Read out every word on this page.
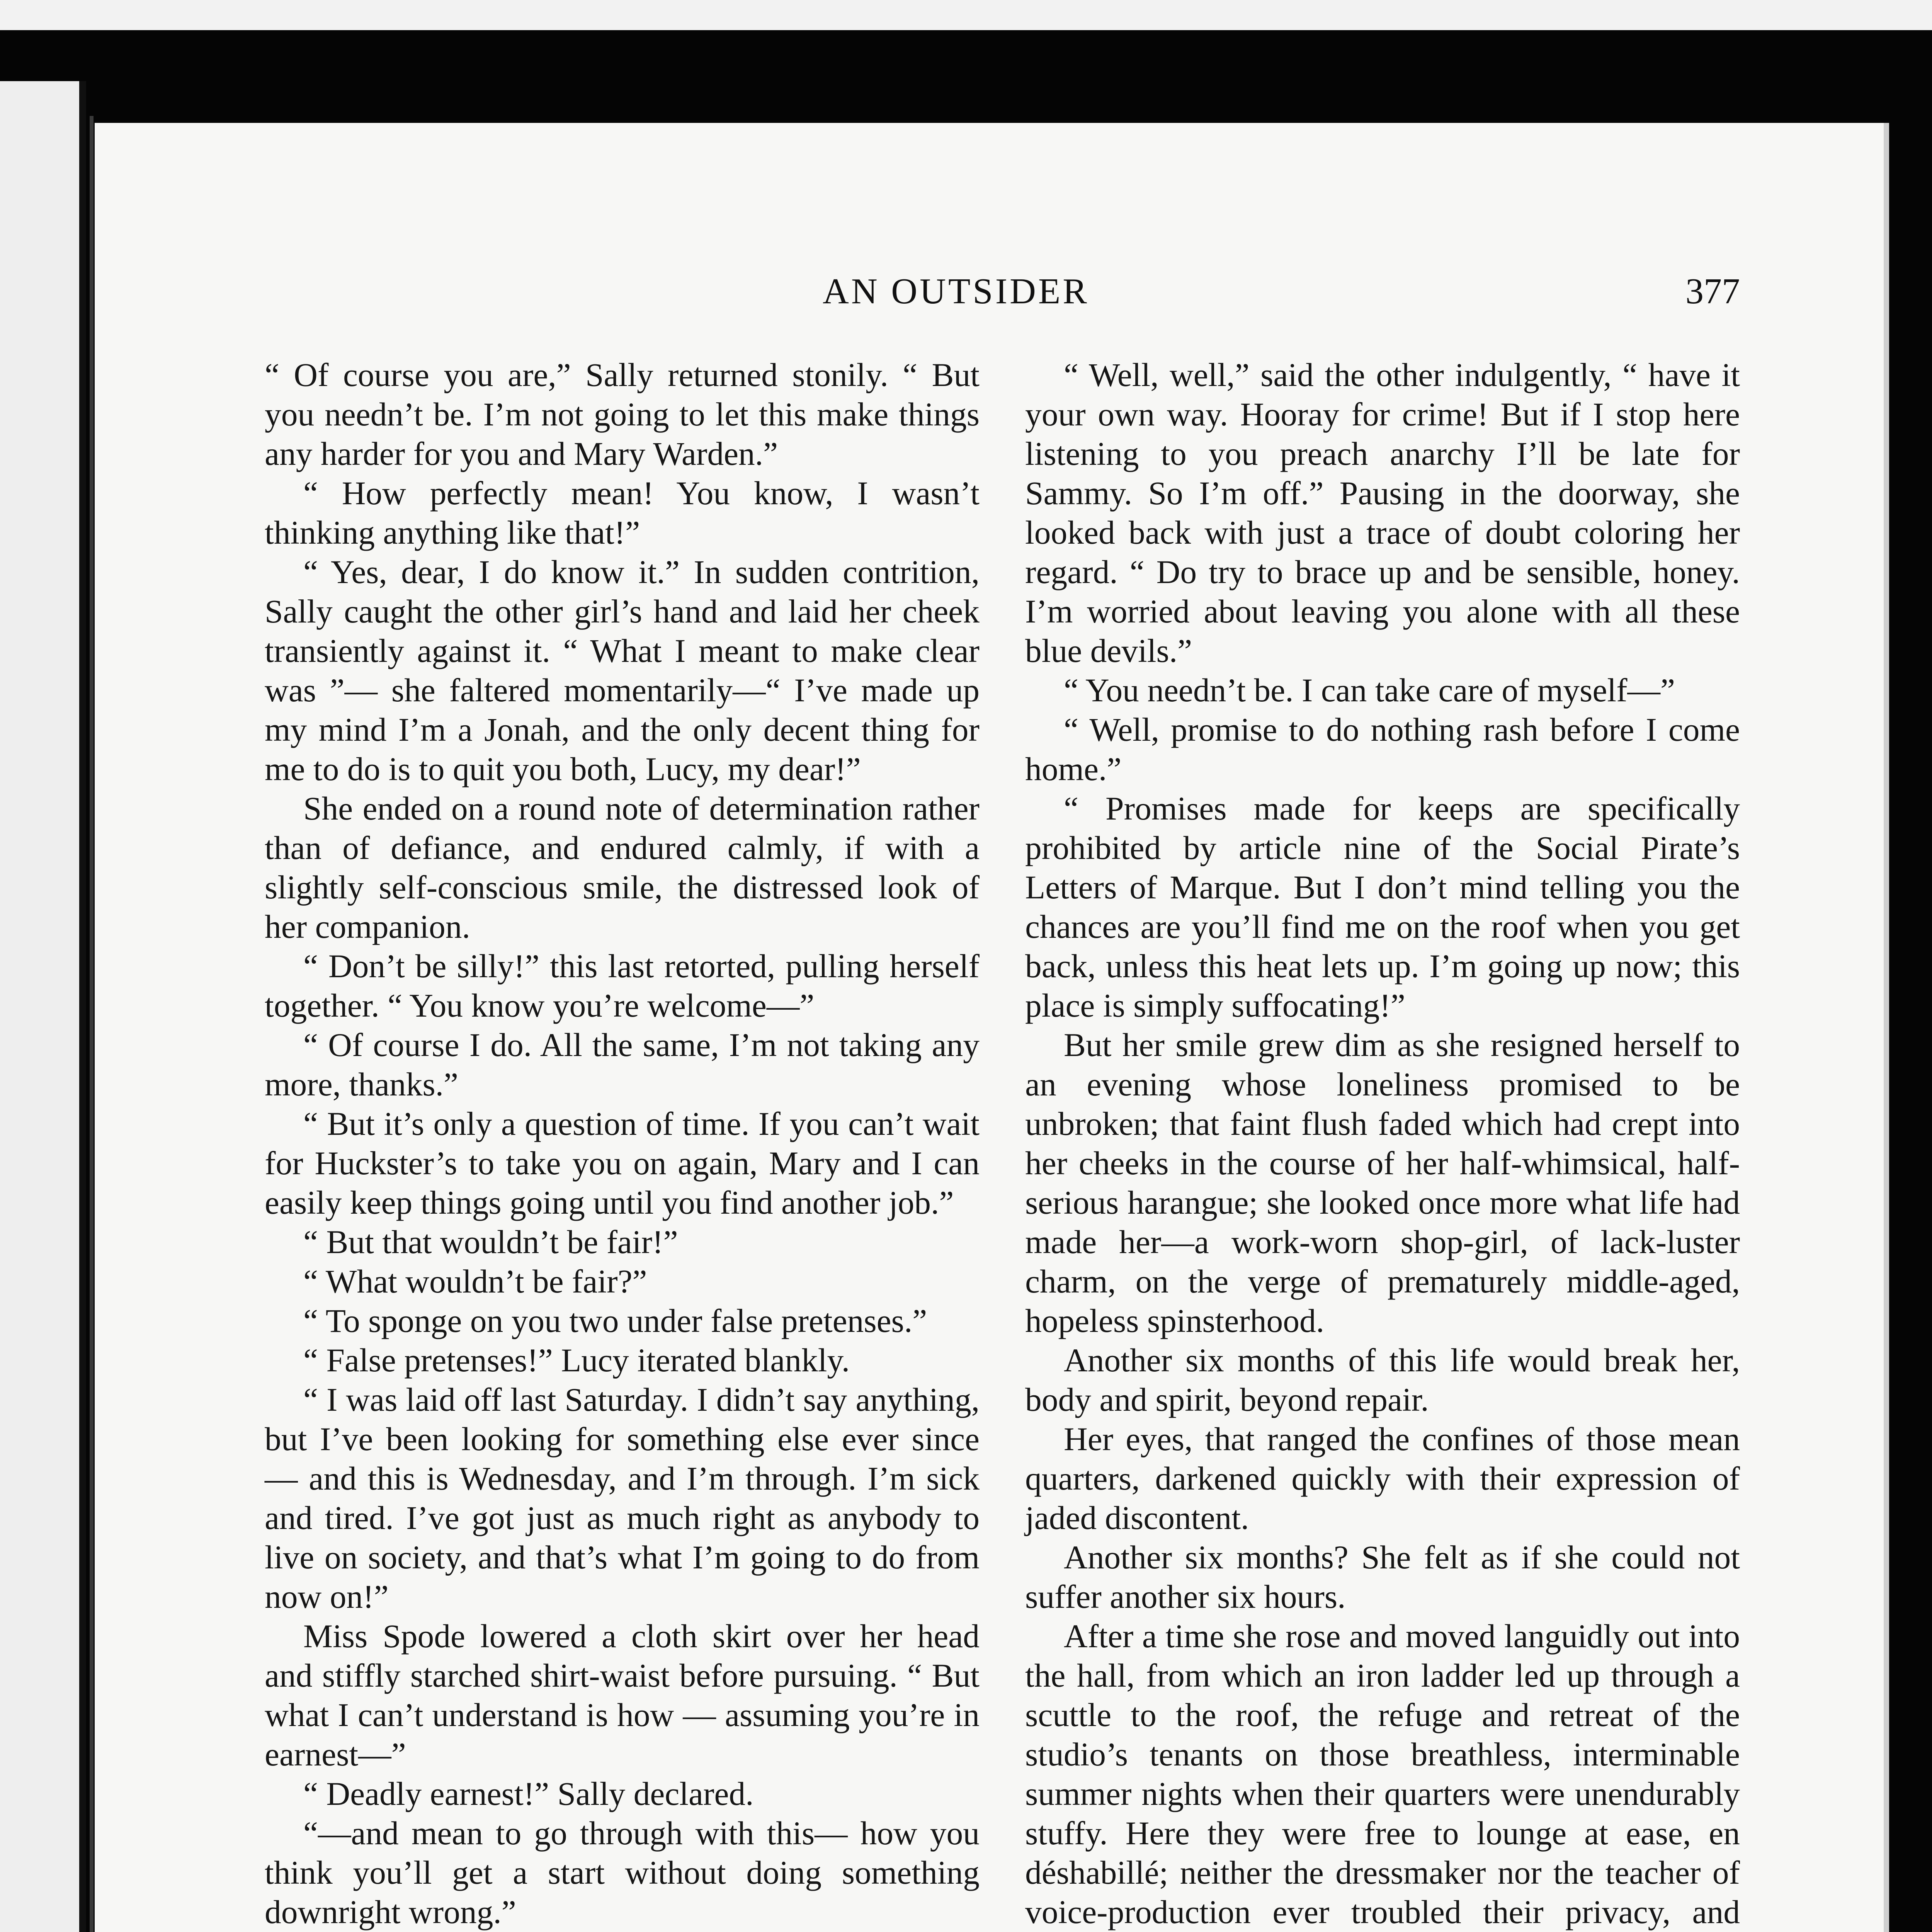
AN OUTSIDER	377

“ Of course you are,” Sally returned stonily. “ But you needn’t be. I’m not going to let this make things any harder for you and Mary Warden.”

“ How perfectly mean! You know, I wasn’t thinking anything like that!”

“ Yes, dear, I do know it.” In sudden contrition, Sally caught the other girl’s hand and laid her cheek transiently against it. “ What I meant to make clear was ”— she faltered momentarily—“ I’ve made up my mind I’m a Jonah, and the only decent thing for me to do is to quit you both, Lucy, my dear!”

She ended on a round note of determination rather than of defiance, and endured calmly, if with a slightly self-conscious smile, the distressed look of her companion.

“ Don’t be silly!” this last retorted, pulling herself together. “ You know you’re welcome—”

“ Of course I do. All the same, I’m not taking any more, thanks.”

“ But it’s only a question of time. If you can’t wait for Huckster’s to take you on again, Mary and I can easily keep things going until you find another job.”

“ But that wouldn’t be fair!”

“ What wouldn’t be fair?”

“ To sponge on you two under false pretenses.”

“ False pretenses!” Lucy iterated blankly.

“ I was laid off last Saturday. I didn’t say anything, but I’ve been looking for something else ever since — and this is Wednesday, and I’m through. I’m sick and tired. I’ve got just as much right as anybody to live on society, and that’s what I’m going to do from now on!”

Miss Spode lowered a cloth skirt over her head and stiffly starched shirt-waist before pursuing. “ But what I can’t understand is how — assuming you’re in earnest—”

“ Deadly earnest!” Sally declared.

“—and mean to go through with this— how you think you’ll get a start without doing something downright wrong.”

“ Well, well,” said the other indulgently, “ have it your own way. Hooray for crime! But if I stop here listening to you preach anarchy I’ll be late for Sammy. So I’m off.” Pausing in the doorway, she looked back with just a trace of doubt coloring her regard. “ Do try to brace up and be sensible, honey. I’m worried about leaving you alone with all these blue devils.”

“ You needn’t be. I can take care of myself—”

“ Well, promise to do nothing rash before I come home.”

“ Promises made for keeps are specifically prohibited by article nine of the Social Pirate’s Letters of Marque. But I don’t mind telling you the chances are you’ll find me on the roof when you get back, unless this heat lets up. I’m going up now; this place is simply suffocating!”

But her smile grew dim as she resigned herself to an evening whose loneliness promised to be unbroken; that faint flush faded which had crept into her cheeks in the course of her half-whimsical, half-serious harangue; she looked once more what life had made her—a work-worn shop-girl, of lack-luster charm, on the verge of prematurely middle-aged, hopeless spinsterhood.

Another six months of this life would break her, body and spirit, beyond repair.

Her eyes, that ranged the confines of those mean quarters, darkened quickly with their expression of jaded discontent.

Another six months? She felt as if she could not suffer another six hours.

After a time she rose and moved languidly out into the hall, from which an iron ladder led up through a scuttle to the roof, the refuge and retreat of the studio’s tenants on those breathless, interminable summer nights when their quarters were unendurably stuffy. Here they were free to lounge at ease, en déshabillé; neither the dressmaker nor the teacher of voice-production ever troubled their privacy, and
